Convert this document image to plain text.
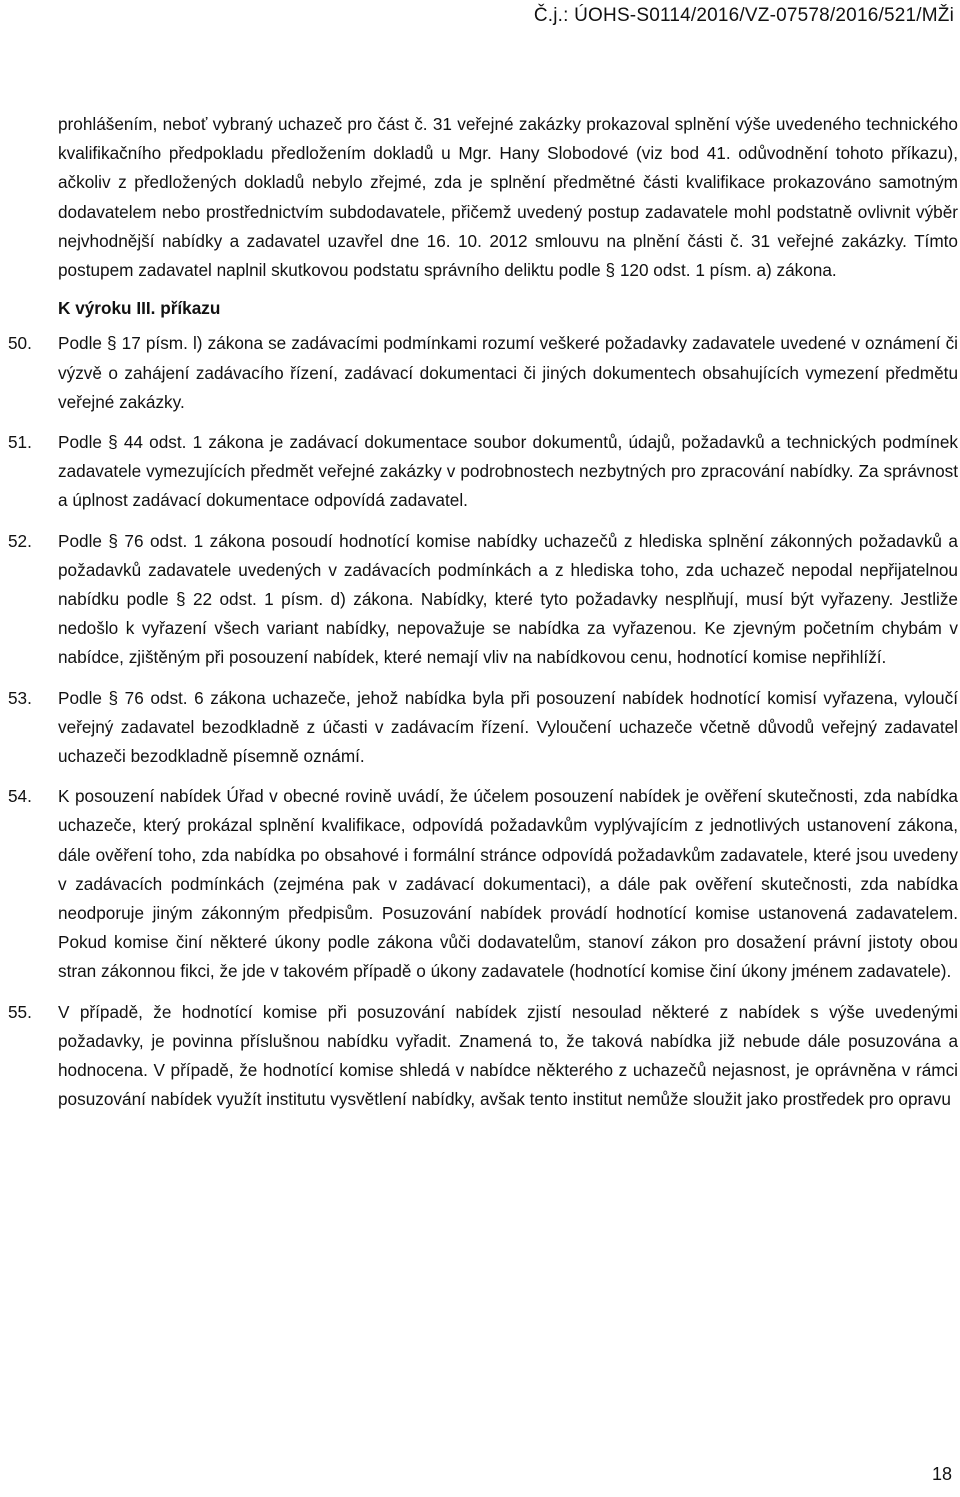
Č.j.: ÚOHS-S0114/2016/VZ-07578/2016/521/MŽi
prohlášením, neboť vybraný uchazeč pro část č. 31 veřejné zakázky prokazoval splnění výše uvedeného technického kvalifikačního předpokladu předložením dokladů u Mgr. Hany Slobodové (viz bod 41. odůvodnění tohoto příkazu), ačkoliv z předložených dokladů nebylo zřejmé, zda je splnění předmětné části kvalifikace prokazováno samotným dodavatelem nebo prostřednictvím subdodavatele, přičemž uvedený postup zadavatele mohl podstatně ovlivnit výběr nejvhodnější nabídky a zadavatel uzavřel dne 16. 10. 2012 smlouvu na plnění části č. 31 veřejné zakázky. Tímto postupem zadavatel naplnil skutkovou podstatu správního deliktu podle § 120 odst. 1 písm. a) zákona.
K výroku III. příkazu
50. Podle § 17 písm. l) zákona se zadávacími podmínkami rozumí veškeré požadavky zadavatele uvedené v oznámení či výzvě o zahájení zadávacího řízení, zadávací dokumentaci či jiných dokumentech obsahujících vymezení předmětu veřejné zakázky.
51. Podle § 44 odst. 1 zákona je zadávací dokumentace soubor dokumentů, údajů, požadavků a technických podmínek zadavatele vymezujících předmět veřejné zakázky v podrobnostech nezbytných pro zpracování nabídky. Za správnost a úplnost zadávací dokumentace odpovídá zadavatel.
52. Podle § 76 odst. 1 zákona posoudí hodnotící komise nabídky uchazečů z hlediska splnění zákonných požadavků a požadavků zadavatele uvedených v zadávacích podmínkách a z hlediska toho, zda uchazeč nepodal nepřijatelnou nabídku podle § 22 odst. 1 písm. d) zákona. Nabídky, které tyto požadavky nesplňují, musí být vyřazeny. Jestliže nedošlo k vyřazení všech variant nabídky, nepovažuje se nabídka za vyřazenou. Ke zjevným početním chybám v nabídce, zjištěným při posouzení nabídek, které nemají vliv na nabídkovou cenu, hodnotící komise nepřihlíží.
53. Podle § 76 odst. 6 zákona uchazeče, jehož nabídka byla při posouzení nabídek hodnotící komisí vyřazena, vyloučí veřejný zadavatel bezodkladně z účasti v zadávacím řízení. Vyloučení uchazeče včetně důvodů veřejný zadavatel uchazeči bezodkladně písemně oznámí.
54. K posouzení nabídek Úřad v obecné rovině uvádí, že účelem posouzení nabídek je ověření skutečnosti, zda nabídka uchazeče, který prokázal splnění kvalifikace, odpovídá požadavkům vyplývajícím z jednotlivých ustanovení zákona, dále ověření toho, zda nabídka po obsahové i formální stránce odpovídá požadavkům zadavatele, které jsou uvedeny v zadávacích podmínkách (zejména pak v zadávací dokumentaci), a dále pak ověření skutečnosti, zda nabídka neodporuje jiným zákonným předpisům. Posuzování nabídek provádí hodnotící komise ustanovená zadavatelem. Pokud komise činí některé úkony podle zákona vůči dodavatelům, stanoví zákon pro dosažení právní jistoty obou stran zákonnou fikci, že jde v takovém případě o úkony zadavatele (hodnotící komise činí úkony jménem zadavatele).
55. V případě, že hodnotící komise při posuzování nabídek zjistí nesoulad některé z nabídek s výše uvedenými požadavky, je povinna příslušnou nabídku vyřadit. Znamená to, že taková nabídka již nebude dále posuzována a hodnocena. V případě, že hodnotící komise shledá v nabídce některého z uchazečů nejasnost, je oprávněna v rámci posuzování nabídek využít institutu vysvětlení nabídky, avšak tento institut nemůže sloužit jako prostředek pro opravu
18
